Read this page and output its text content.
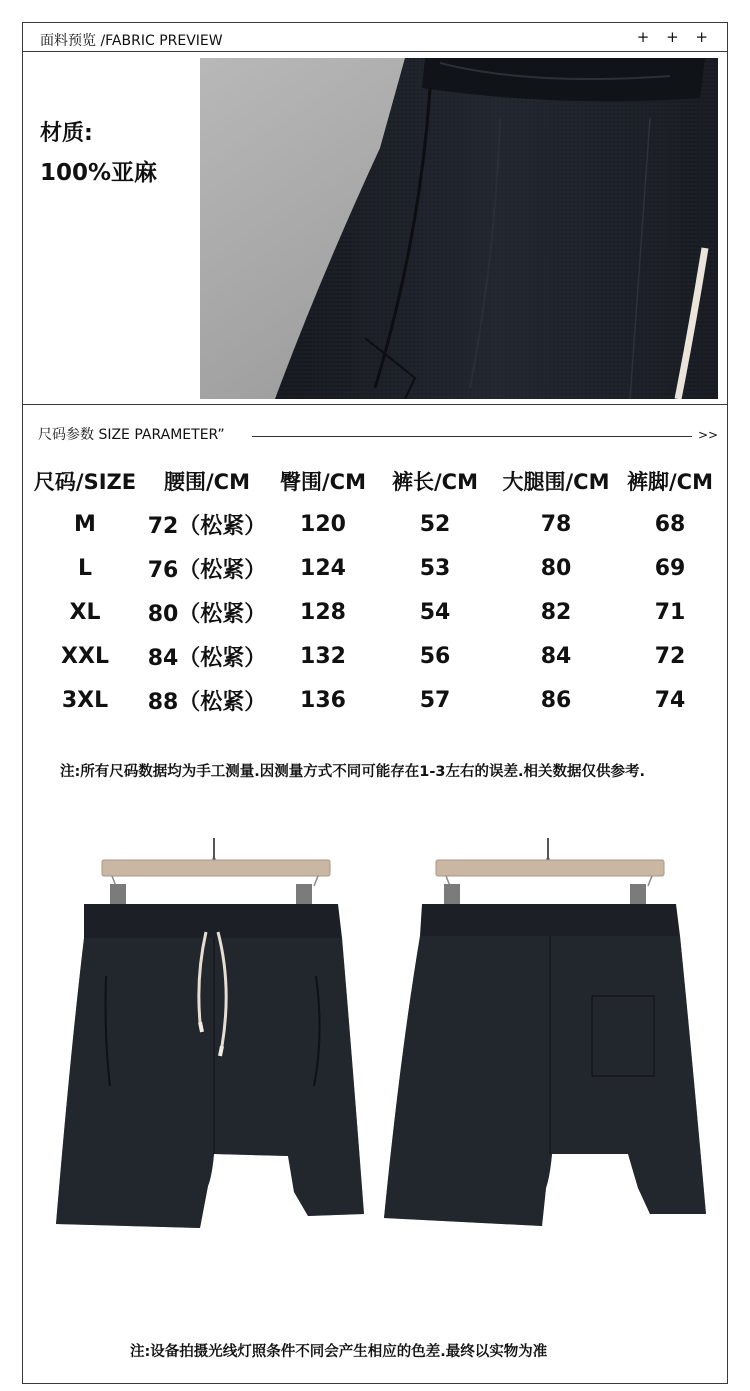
面料预览 /FABRIC PREVIEW	+ + +
材质:
100%亚麻
尺码参数 SIZE PARAMETER”	>>
尺码/SIZE	腰围/CM	臀围/CM	裤长/CM	大腿围/CM	裤脚/CM
M	72（松紧）	120	52	78	68
L	76（松紧）	124	53	80	69
XL	80（松紧）	128	54	82	71
XXL	84（松紧）	132	56	84	72
3XL	88（松紧）	136	57	86	74
注:所有尺码数据均为手工测量.因测量方式不同可能存在1-3左右的误差.相关数据仅供参考.
注:设备拍摄光线灯照条件不同会产生相应的色差.最终以实物为准
